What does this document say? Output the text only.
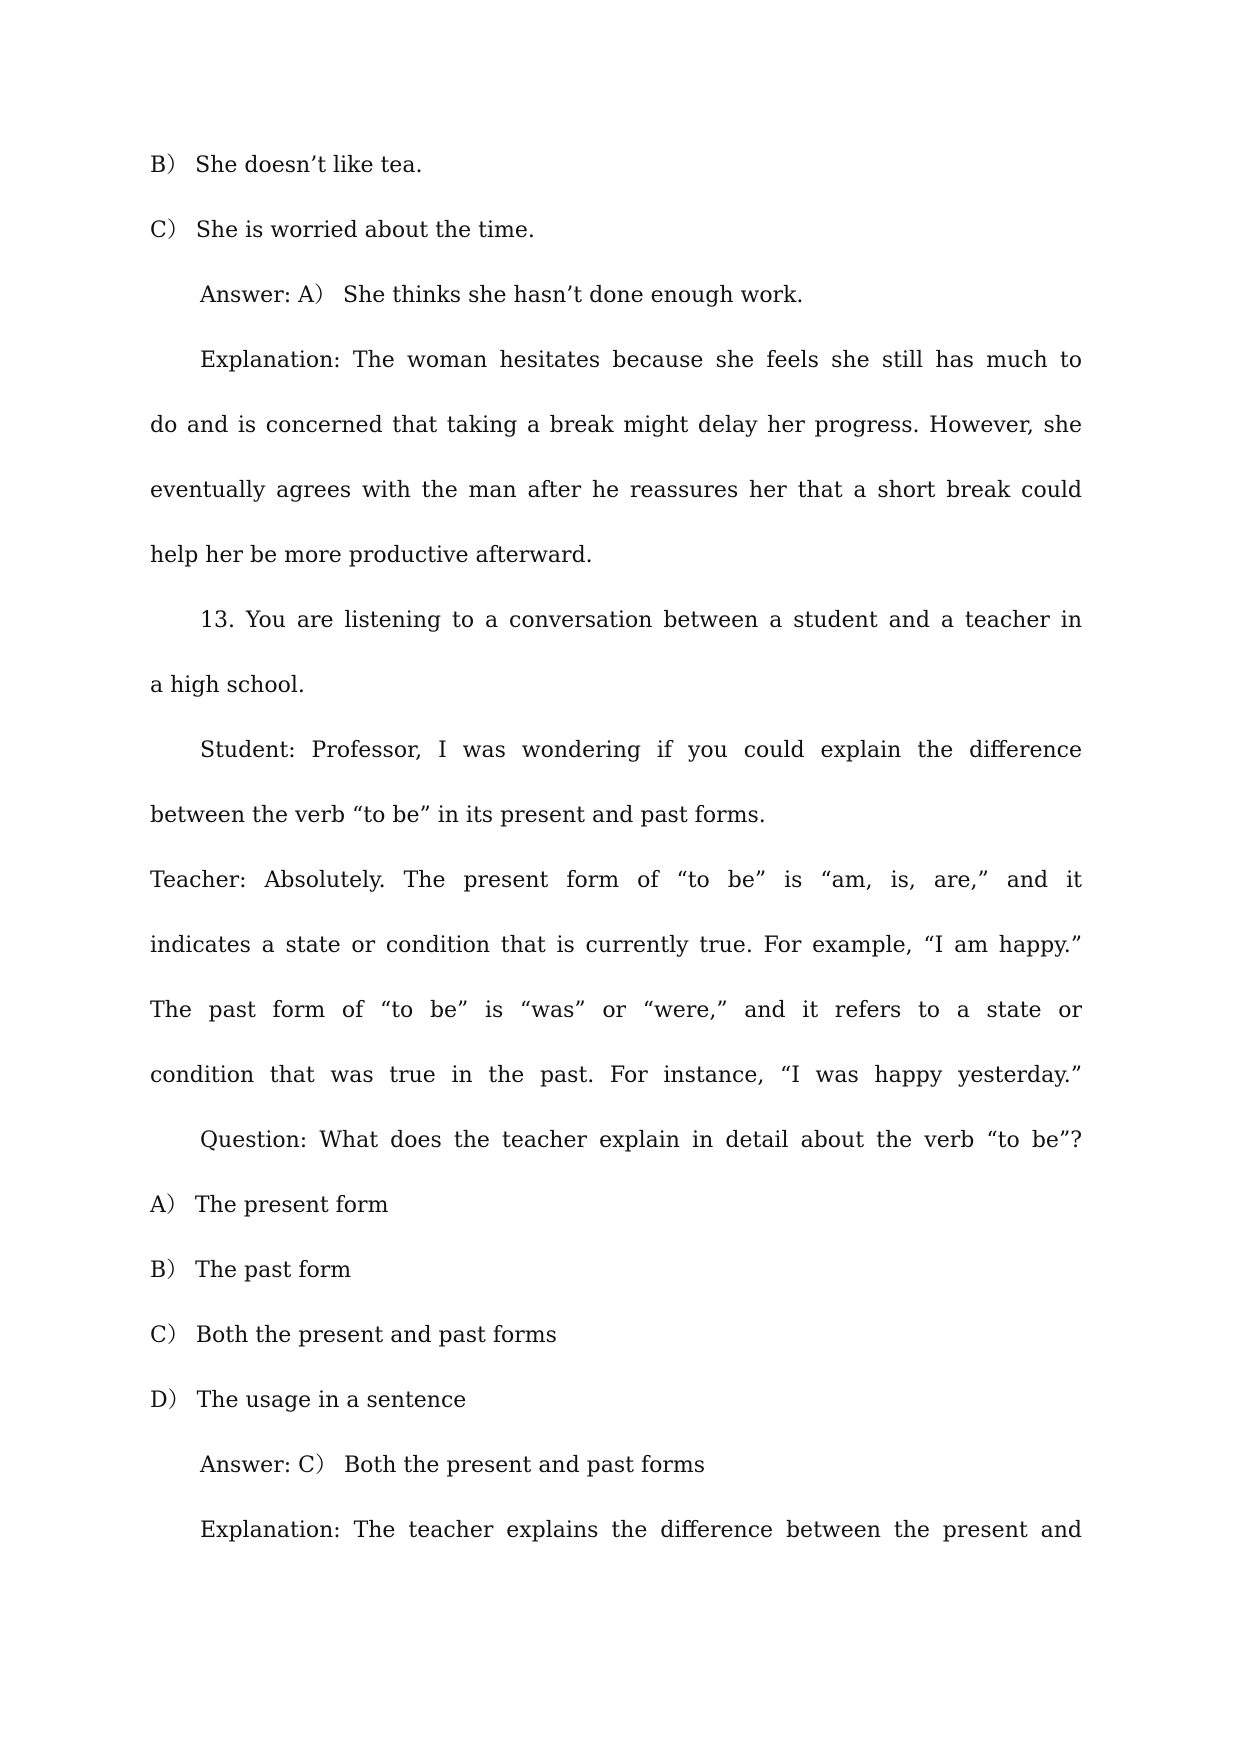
B） She doesn’t like tea.
C） She is worried about the time.
Answer: A） She thinks she hasn’t done enough work.
Explanation: The woman hesitates because she feels she still has much to
do and is concerned that taking a break might delay her progress. However, she
eventually agrees with the man after he reassures her that a short break could
help her be more productive afterward.
13. You are listening to a conversation between a student and a teacher in
a high school.
Student: Professor, I was wondering if you could explain the difference
between the verb “to be” in its present and past forms.
Teacher: Absolutely. The present form of “to be” is “am, is, are,” and it
indicates a state or condition that is currently true. For example, “I am happy.”
The past form of “to be” is “was” or “were,” and it refers to a state or
condition that was true in the past. For instance, “I was happy yesterday.”
Question: What does the teacher explain in detail about the verb “to be”?
A） The present form
B） The past form
C） Both the present and past forms
D） The usage in a sentence
Answer: C） Both the present and past forms
Explanation: The teacher explains the difference between the present and
